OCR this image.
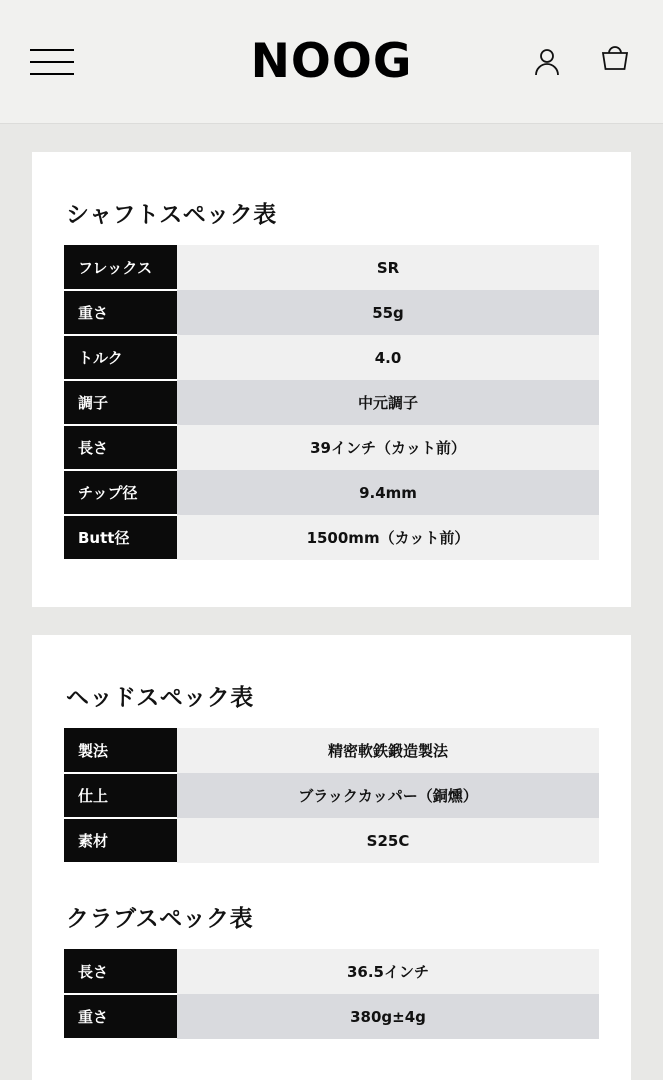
NOOG
シャフトスペック表
フレックス	SR
重さ	55g
トルク	4.0
調子	中元調子
長さ	39インチ（カット前）
チップ径	9.4mm
Butt径	1500mm（カット前）
ヘッドスペック表
製法	精密軟鉄鍛造製法
仕上	ブラックカッパー（銅燻）
素材	S25C
クラブスペック表
長さ	36.5インチ
重さ	380g±4g
